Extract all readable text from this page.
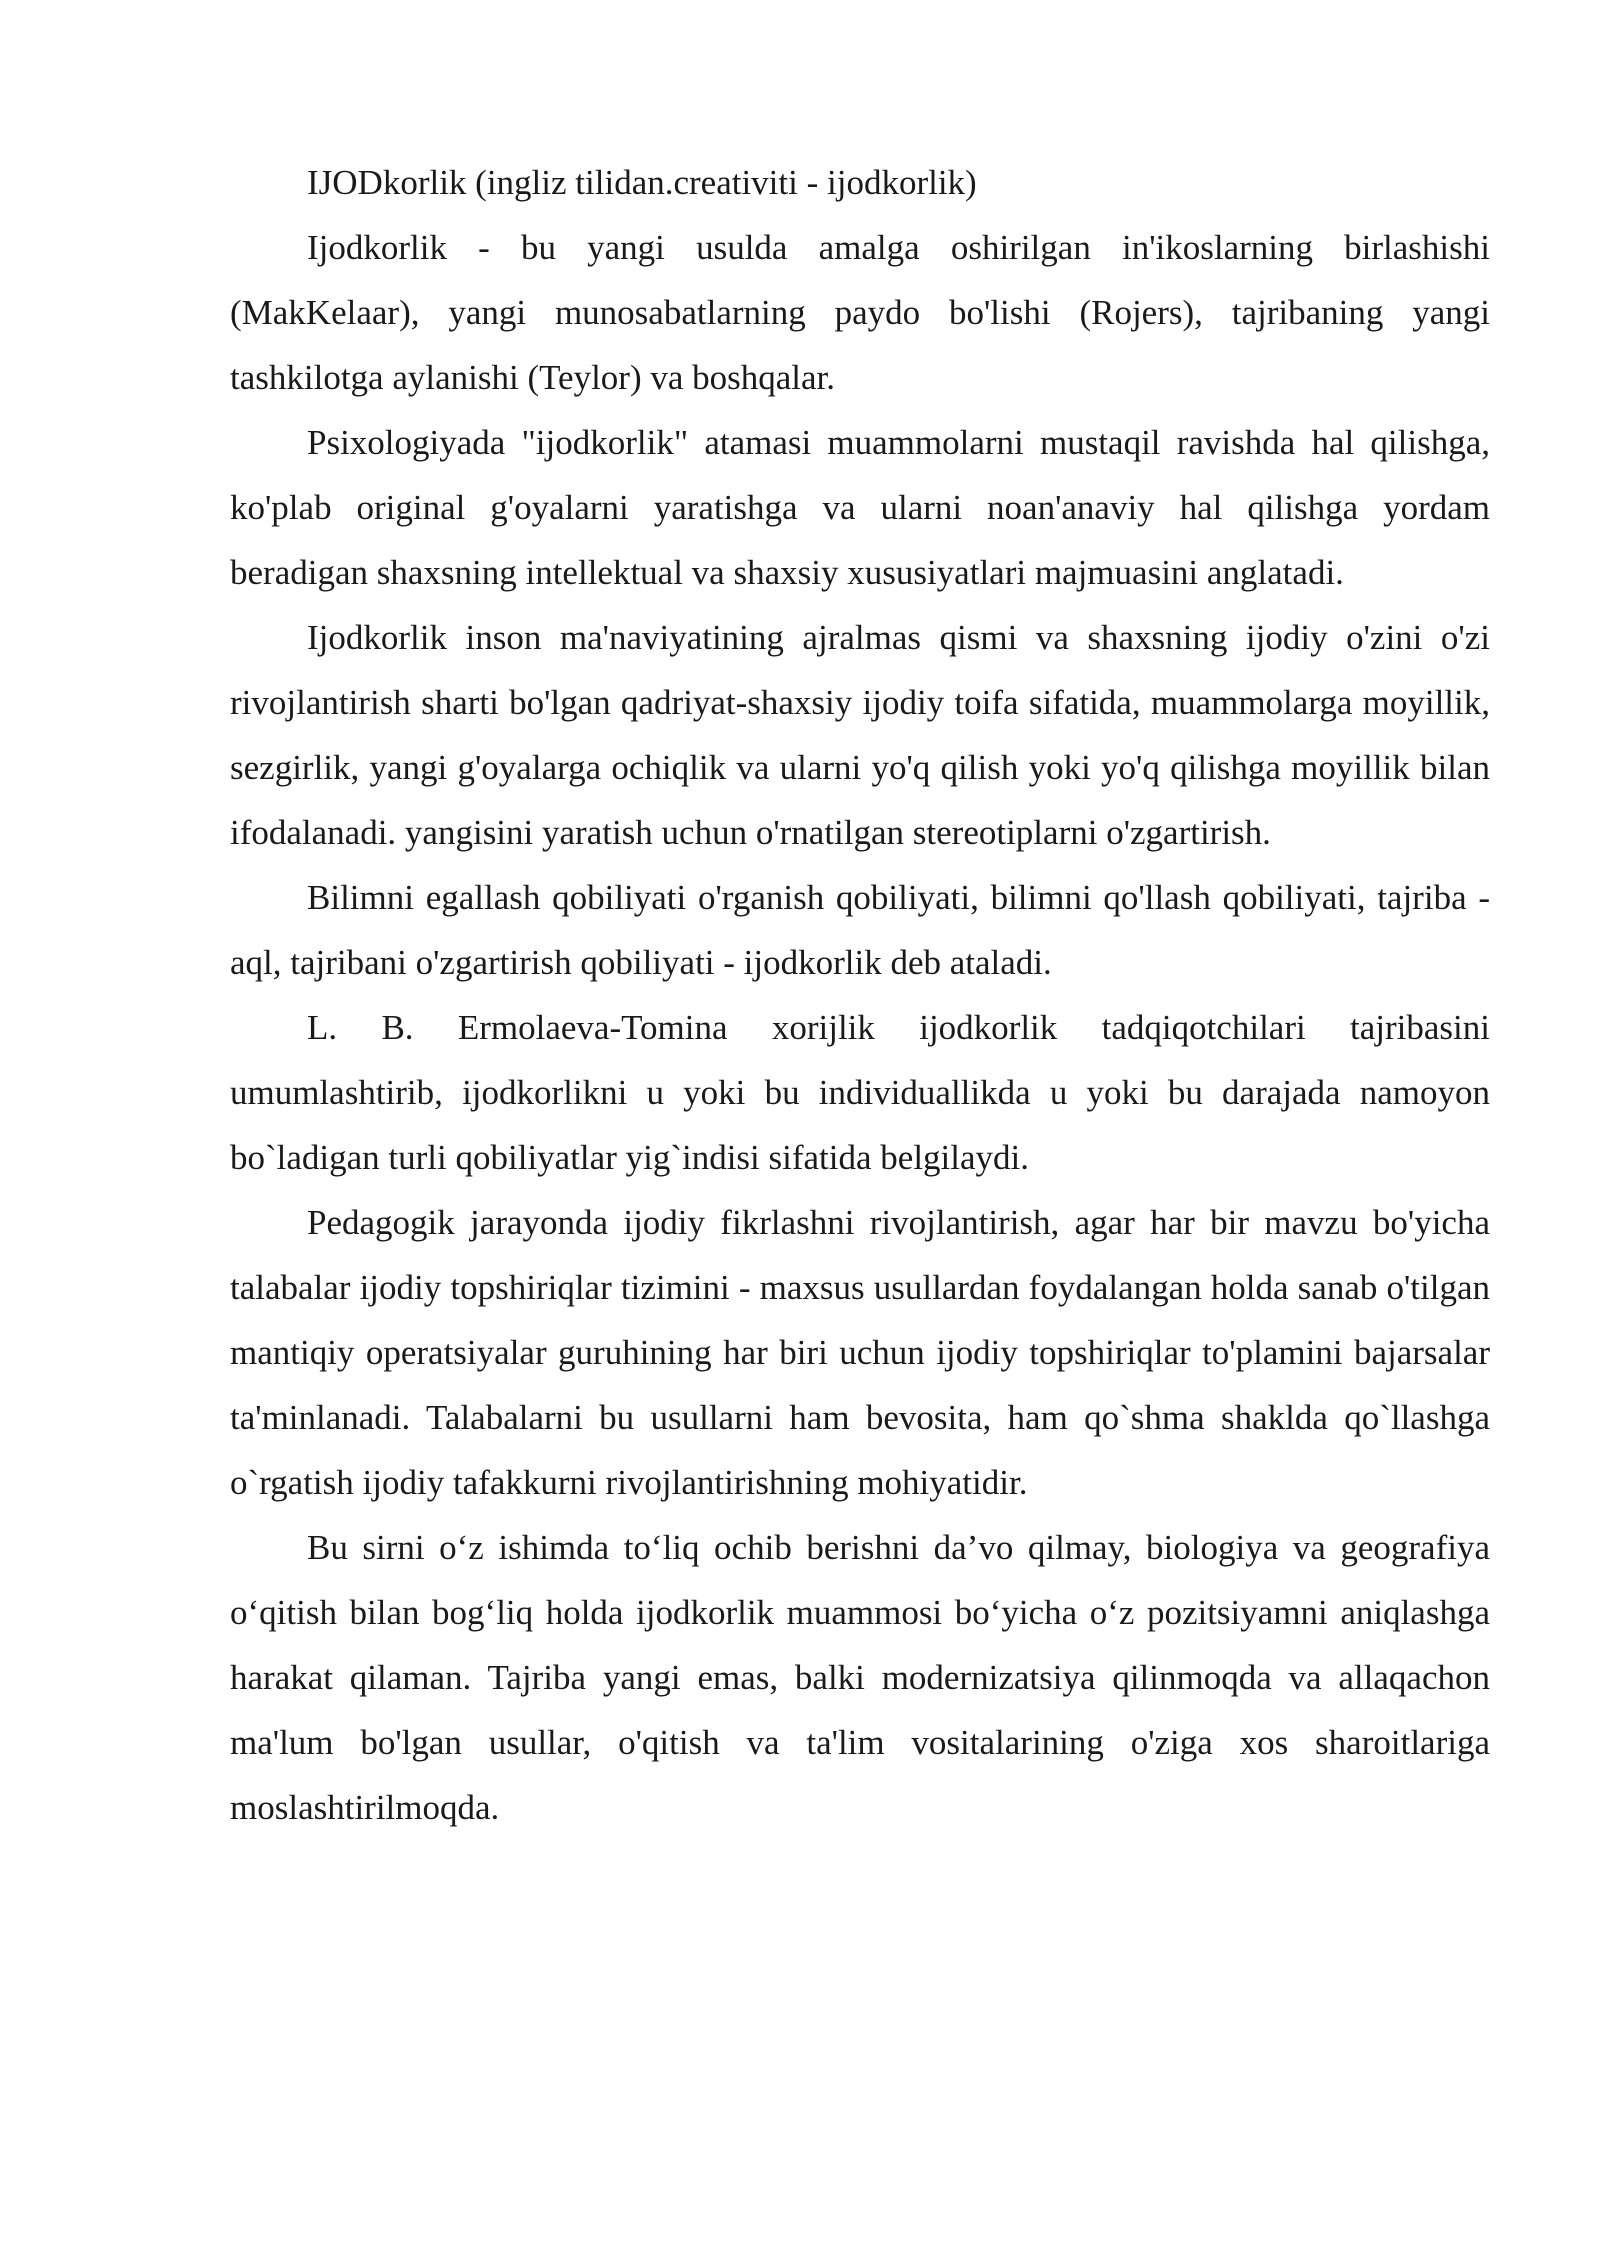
IJODkorlik (ingliz tilidan.creativiti - ijodkorlik)

Ijodkorlik - bu yangi usulda amalga oshirilgan in'ikoslarning birlashishi (MakKelaar), yangi munosabatlarning paydo bo'lishi (Rojers), tajribaning yangi tashkilotga aylanishi (Teylor) va boshqalar.

Psixologiyada "ijodkorlik" atamasi muammolarni mustaqil ravishda hal qilishga, ko'plab original g'oyalarni yaratishga va ularni noan'anaviy hal qilishga yordam beradigan shaxsning intellektual va shaxsiy xususiyatlari majmuasini anglatadi.

Ijodkorlik inson ma'naviyatining ajralmas qismi va shaxsning ijodiy o'zini o'zi rivojlantirish sharti bo'lgan qadriyat-shaxsiy ijodiy toifa sifatida, muammolarga moyillik, sezgirlik, yangi g'oyalarga ochiqlik va ularni yo'q qilish yoki yo'q qilishga moyillik bilan ifodalanadi. yangisini yaratish uchun o'rnatilgan stereotiplarni o'zgartirish.

Bilimni egallash qobiliyati o'rganish qobiliyati, bilimni qo'llash qobiliyati, tajriba - aql, tajribani o'zgartirish qobiliyati - ijodkorlik deb ataladi.

L. B. Ermolaeva-Tomina xorijlik ijodkorlik tadqiqotchilari tajribasini umumlashtirib, ijodkorlikni u yoki bu individuallikda u yoki bu darajada namoyon bo`ladigan turli qobiliyatlar yig`indisi sifatida belgilaydi.

Pedagogik jarayonda ijodiy fikrlashni rivojlantirish, agar har bir mavzu bo'yicha talabalar ijodiy topshiriqlar tizimini - maxsus usullardan foydalangan holda sanab o'tilgan mantiqiy operatsiyalar guruhining har biri uchun ijodiy topshiriqlar to'plamini bajarsalar ta'minlanadi. Talabalarni bu usullarni ham bevosita, ham qo`shma shaklda qo`llashga o`rgatish ijodiy tafakkurni rivojlantirishning mohiyatidir.

Bu sirni o‘z ishimda to‘liq ochib berishni da’vo qilmay, biologiya va geografiya o‘qitish bilan bog‘liq holda ijodkorlik muammosi bo‘yicha o‘z pozitsiyamni aniqlashga harakat qilaman. Tajriba yangi emas, balki modernizatsiya qilinmoqda va allaqachon ma'lum bo'lgan usullar, o'qitish va ta'lim vositalarining o'ziga xos sharoitlariga moslashtirilmoqda.
